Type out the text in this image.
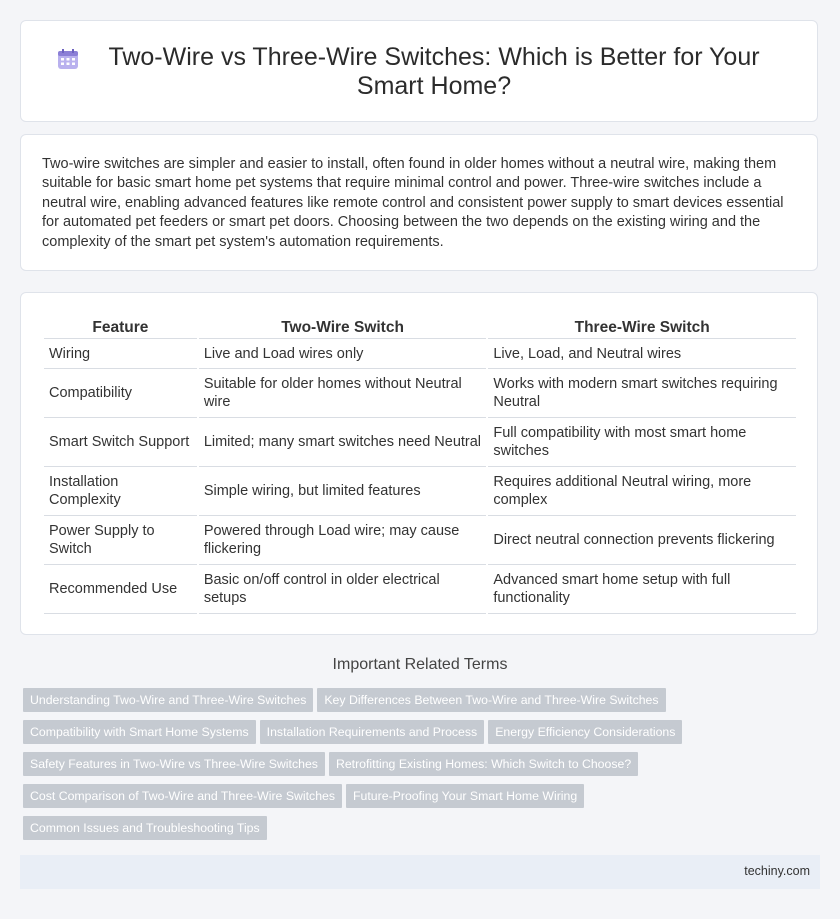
Two-Wire vs Three-Wire Switches: Which is Better for Your Smart Home?

Two-wire switches are simpler and easier to install, often found in older homes without a neutral wire, making them suitable for basic smart home pet systems that require minimal control and power. Three-wire switches include a neutral wire, enabling advanced features like remote control and consistent power supply to smart devices essential for automated pet feeders or smart pet doors. Choosing between the two depends on the existing wiring and the complexity of the smart pet system's automation requirements.

Feature	Two-Wire Switch	Three-Wire Switch
Wiring	Live and Load wires only	Live, Load, and Neutral wires
Compatibility	Suitable for older homes without Neutral wire	Works with modern smart switches requiring Neutral
Smart Switch Support	Limited; many smart switches need Neutral	Full compatibility with most smart home switches
Installation Complexity	Simple wiring, but limited features	Requires additional Neutral wiring, more complex
Power Supply to Switch	Powered through Load wire; may cause flickering	Direct neutral connection prevents flickering
Recommended Use	Basic on/off control in older electrical setups	Advanced smart home setup with full functionality
Important Related Terms
Understanding Two-Wire and Three-Wire Switches Key Differences Between Two-Wire and Three-Wire Switches
Compatibility with Smart Home Systems Installation Requirements and Process Energy Efficiency Considerations
Safety Features in Two-Wire vs Three-Wire Switches Retrofitting Existing Homes: Which Switch to Choose?
Cost Comparison of Two-Wire and Three-Wire Switches Future-Proofing Your Smart Home Wiring
Common Issues and Troubleshooting Tips
techiny.com
